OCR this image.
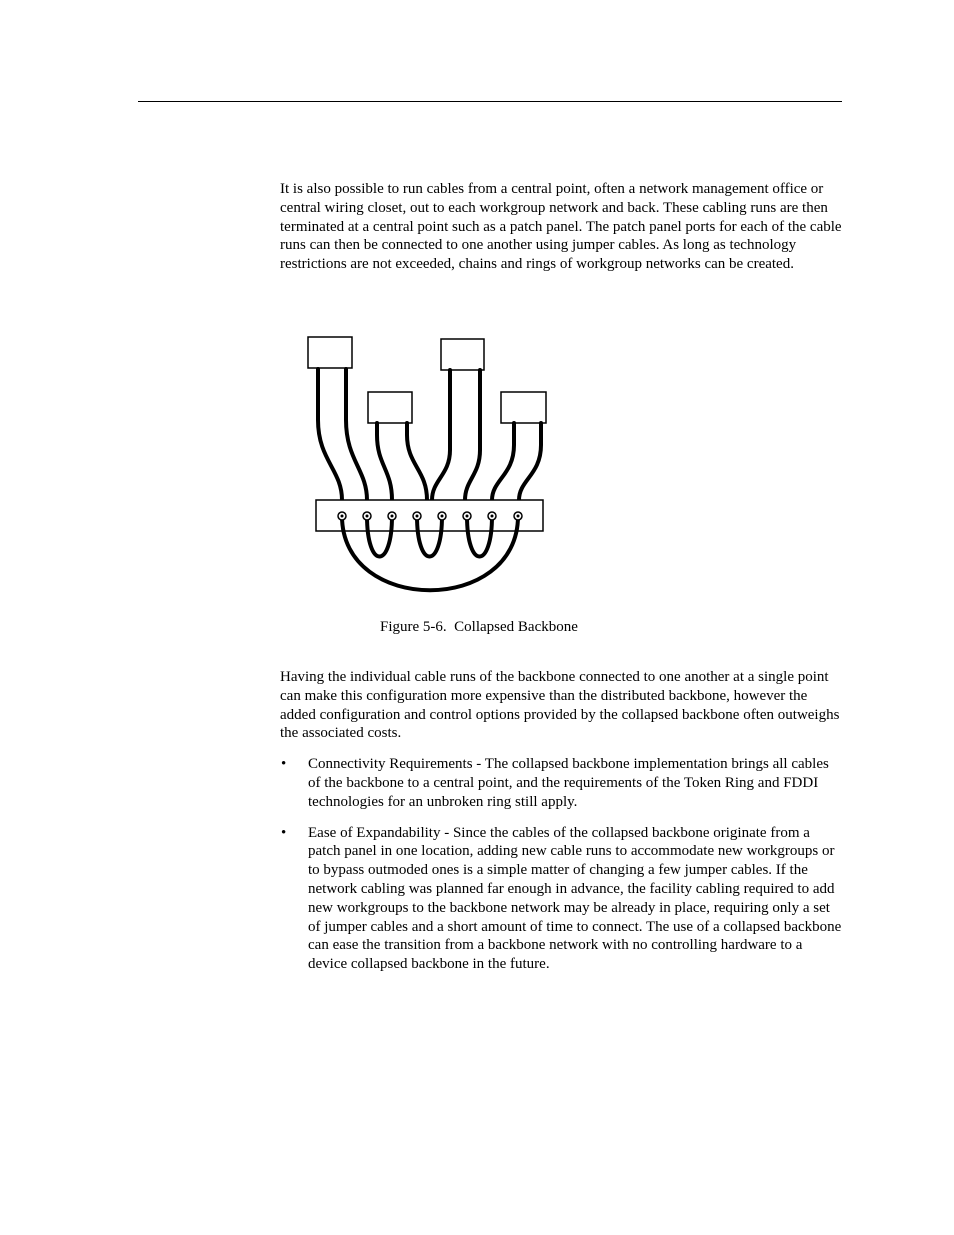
It is also possible to run cables from a central point, often a network management office or central wiring closet, out to each workgroup network and back. These cabling runs are then terminated at a central point such as a patch panel. The patch panel ports for each of the cable runs can then be connected to one another using jumper cables. As long as technology restrictions are not exceeded, chains and rings of workgroup networks can be created.

Figure 5-6.  Collapsed Backbone

Having the individual cable runs of the backbone connected to one another at a single point can make this configuration more expensive than the distributed backbone, however the added configuration and control options provided by the collapsed backbone often outweighs the associated costs.

• Connectivity Requirements - The collapsed backbone implementation brings all cables of the backbone to a central point, and the requirements of the Token Ring and FDDI technologies for an unbroken ring still apply.
• Ease of Expandability - Since the cables of the collapsed backbone originate from a patch panel in one location, adding new cable runs to accommodate new workgroups or to bypass outmoded ones is a simple matter of changing a few jumper cables. If the network cabling was planned far enough in advance, the facility cabling required to add new workgroups to the backbone network may be already in place, requiring only a set of jumper cables and a short amount of time to connect. The use of a collapsed backbone can ease the transition from a backbone network with no controlling hardware to a device collapsed backbone in the future.
